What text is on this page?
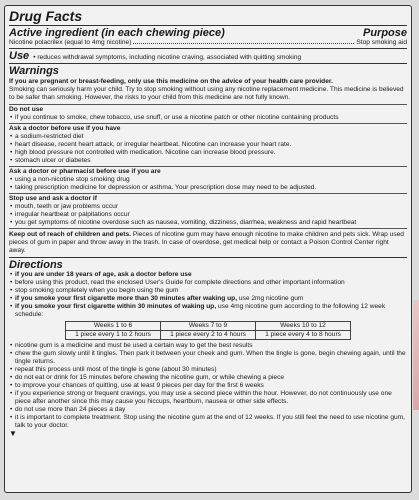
Drug Facts
Active ingredient (in each chewing piece)	Purpose
Nicotine polacrilex (equal to 4mg nicotine)	Stop smoking aid
Use • reduces withdrawal symptoms, including nicotine craving, associated with quitting smoking
Warnings
If you are pregnant or breast-feeding, only use this medicine on the advice of your health care provider.
Smoking can seriously harm your child. Try to stop smoking without using any nicotine replacement medicine. This medicine is believed to be safer than smoking. However, the risks to your child from this medicine are not fully known.
Do not use
• if you continue to smoke, chew tobacco, use snuff, or use a nicotine patch or other nicotine containing products
Ask a doctor before use if you have
• a sodium-restricted diet
• heart disease, recent heart attack, or irregular heartbeat. Nicotine can increase your heart rate.
• high blood pressure not controlled with medication. Nicotine can increase blood pressure.
• stomach ulcer or diabetes
Ask a doctor or pharmacist before use if you are
• using a non-nicotine stop smoking drug
• taking prescription medicine for depression or asthma. Your prescription dose may need to be adjusted.
Stop use and ask a doctor if
• mouth, teeth or jaw problems occur
• irregular heartbeat or palpitations occur
• you get symptoms of nicotine overdose such as nausea, vomiting, dizziness, diarrhea, weakness and rapid heartbeat
Keep out of reach of children and pets. Pieces of nicotine gum may have enough nicotine to make children and pets sick. Wrap used pieces of gum in paper and throw away in the trash. In case of overdose, get medical help or contact a Poison Control Center right away.
Directions
• if you are under 18 years of age, ask a doctor before use
• before using this product, read the enclosed User's Guide for complete directions and other important information
• stop smoking completely when you begin using the gum
• if you smoke your first cigarette more than 30 minutes after waking up, use 2mg nicotine gum
• if you smoke your first cigarette within 30 minutes of waking up, use 4mg nicotine gum according to the following 12 week schedule:
Weeks 1 to 6	Weeks 7 to 9	Weeks 10 to 12
1 piece every 1 to 2 hours	1 piece every 2 to 4 hours	1 piece every 4 to 8 hours
• nicotine gum is a medicine and must be used a certain way to get the best results
• chew the gum slowly until it tingles. Then park it between your cheek and gum. When the tingle is gone, begin chewing again, until the tingle returns.
• repeat this process until most of the tingle is gone (about 30 minutes)
• do not eat or drink for 15 minutes before chewing the nicotine gum, or while chewing a piece
• to improve your chances of quitting, use at least 9 pieces per day for the first 6 weeks
• if you experience strong or frequent cravings, you may use a second piece within the hour. However, do not continuously use one piece after another since this may cause you hiccups, heartburn, nausea or other side effects.
• do not use more than 24 pieces a day
• it is important to complete treatment. Stop using the nicotine gum at the end of 12 weeks. If you still feel the need to use nicotine gum, talk to your doctor.
▼
